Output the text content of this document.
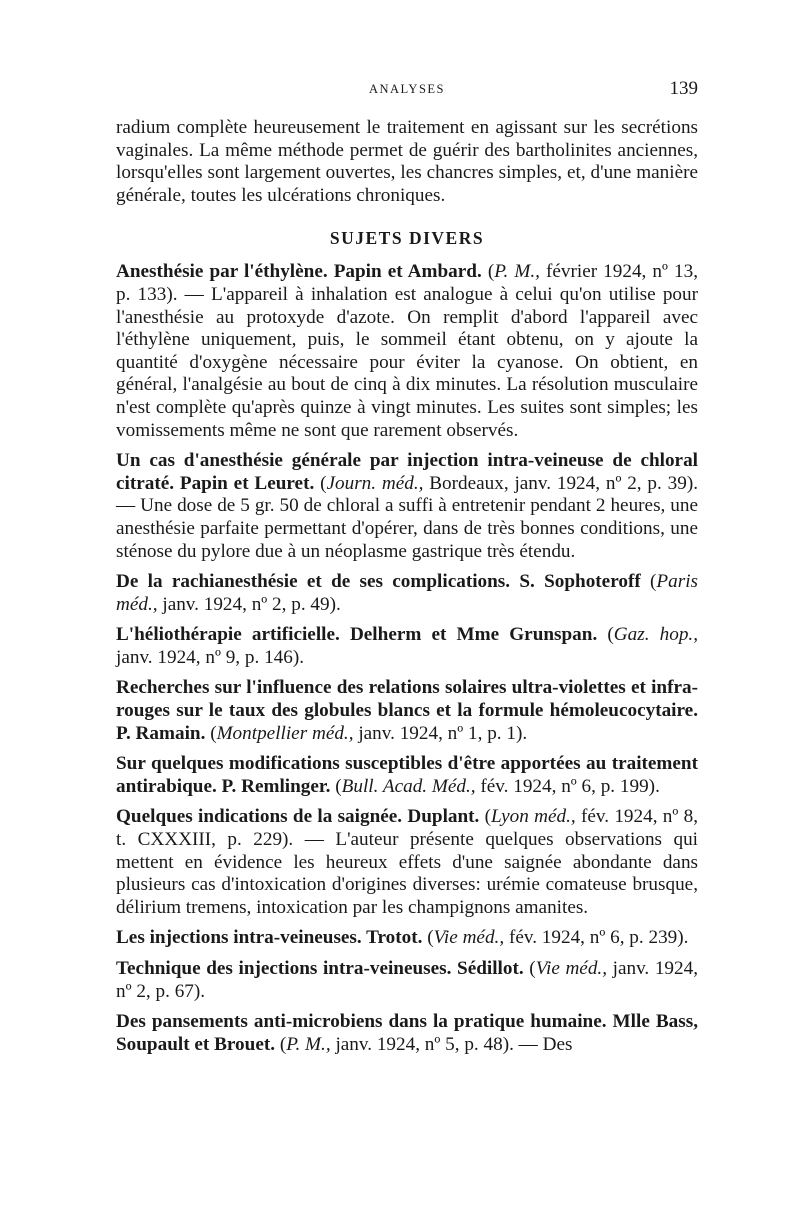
ANALYSES	139

radium complète heureusement le traitement en agissant sur les secrétions vaginales. La même méthode permet de guérir des bartholinites anciennes, lorsqu'elles sont largement ouvertes, les chancres simples, et, d'une manière générale, toutes les ulcérations chroniques.

SUJETS DIVERS

Anesthésie par l'éthylène. Papin et Ambard. (P. M., février 1924, nº 13, p. 133). — L'appareil à inhalation est analogue à celui qu'on utilise pour l'anesthésie au protoxyde d'azote. On remplit d'abord l'appareil avec l'éthylène uniquement, puis, le sommeil étant obtenu, on y ajoute la quantité d'oxygène nécessaire pour éviter la cyanose. On obtient, en général, l'analgésie au bout de cinq à dix minutes. La résolution musculaire n'est complète qu'après quinze à vingt minutes. Les suites sont simples; les vomissements même ne sont que rarement observés.

Un cas d'anesthésie générale par injection intra-veineuse de chloral citraté. Papin et Leuret. (Journ. méd., Bordeaux, janv. 1924, nº 2, p. 39). — Une dose de 5 gr. 50 de chloral a suffi à entretenir pendant 2 heures, une anesthésie parfaite permettant d'opérer, dans de très bonnes conditions, une sténose du pylore due à un néoplasme gastrique très étendu.

De la rachianesthésie et de ses complications. S. Sophoteroff (Paris méd., janv. 1924, nº 2, p. 49).

L'héliothérapie artificielle. Delherm et Mme Grunspan. (Gaz. hop., janv. 1924, nº 9, p. 146).

Recherches sur l'influence des relations solaires ultra-violettes et infra-rouges sur le taux des globules blancs et la formule hémoleucocytaire. P. Ramain. (Montpellier méd., janv. 1924, nº 1, p. 1).

Sur quelques modifications susceptibles d'être apportées au traitement antirabique. P. Remlinger. (Bull. Acad. Méd., fév. 1924, nº 6, p. 199).

Quelques indications de la saignée. Duplant. (Lyon méd., fév. 1924, nº 8, t. CXXXIII, p. 229). — L'auteur présente quelques observations qui mettent en évidence les heureux effets d'une saignée abondante dans plusieurs cas d'intoxication d'origines diverses: urémie comateuse brusque, délirium tremens, intoxication par les champignons amanites.

Les injections intra-veineuses. Trotot. (Vie méd., fév. 1924, nº 6, p. 239).

Technique des injections intra-veineuses. Sédillot. (Vie méd., janv. 1924, nº 2, p. 67).

Des pansements anti-microbiens dans la pratique humaine. Mlle Bass, Soupault et Brouet. (P. M., janv. 1924, nº 5, p. 48). — Des
